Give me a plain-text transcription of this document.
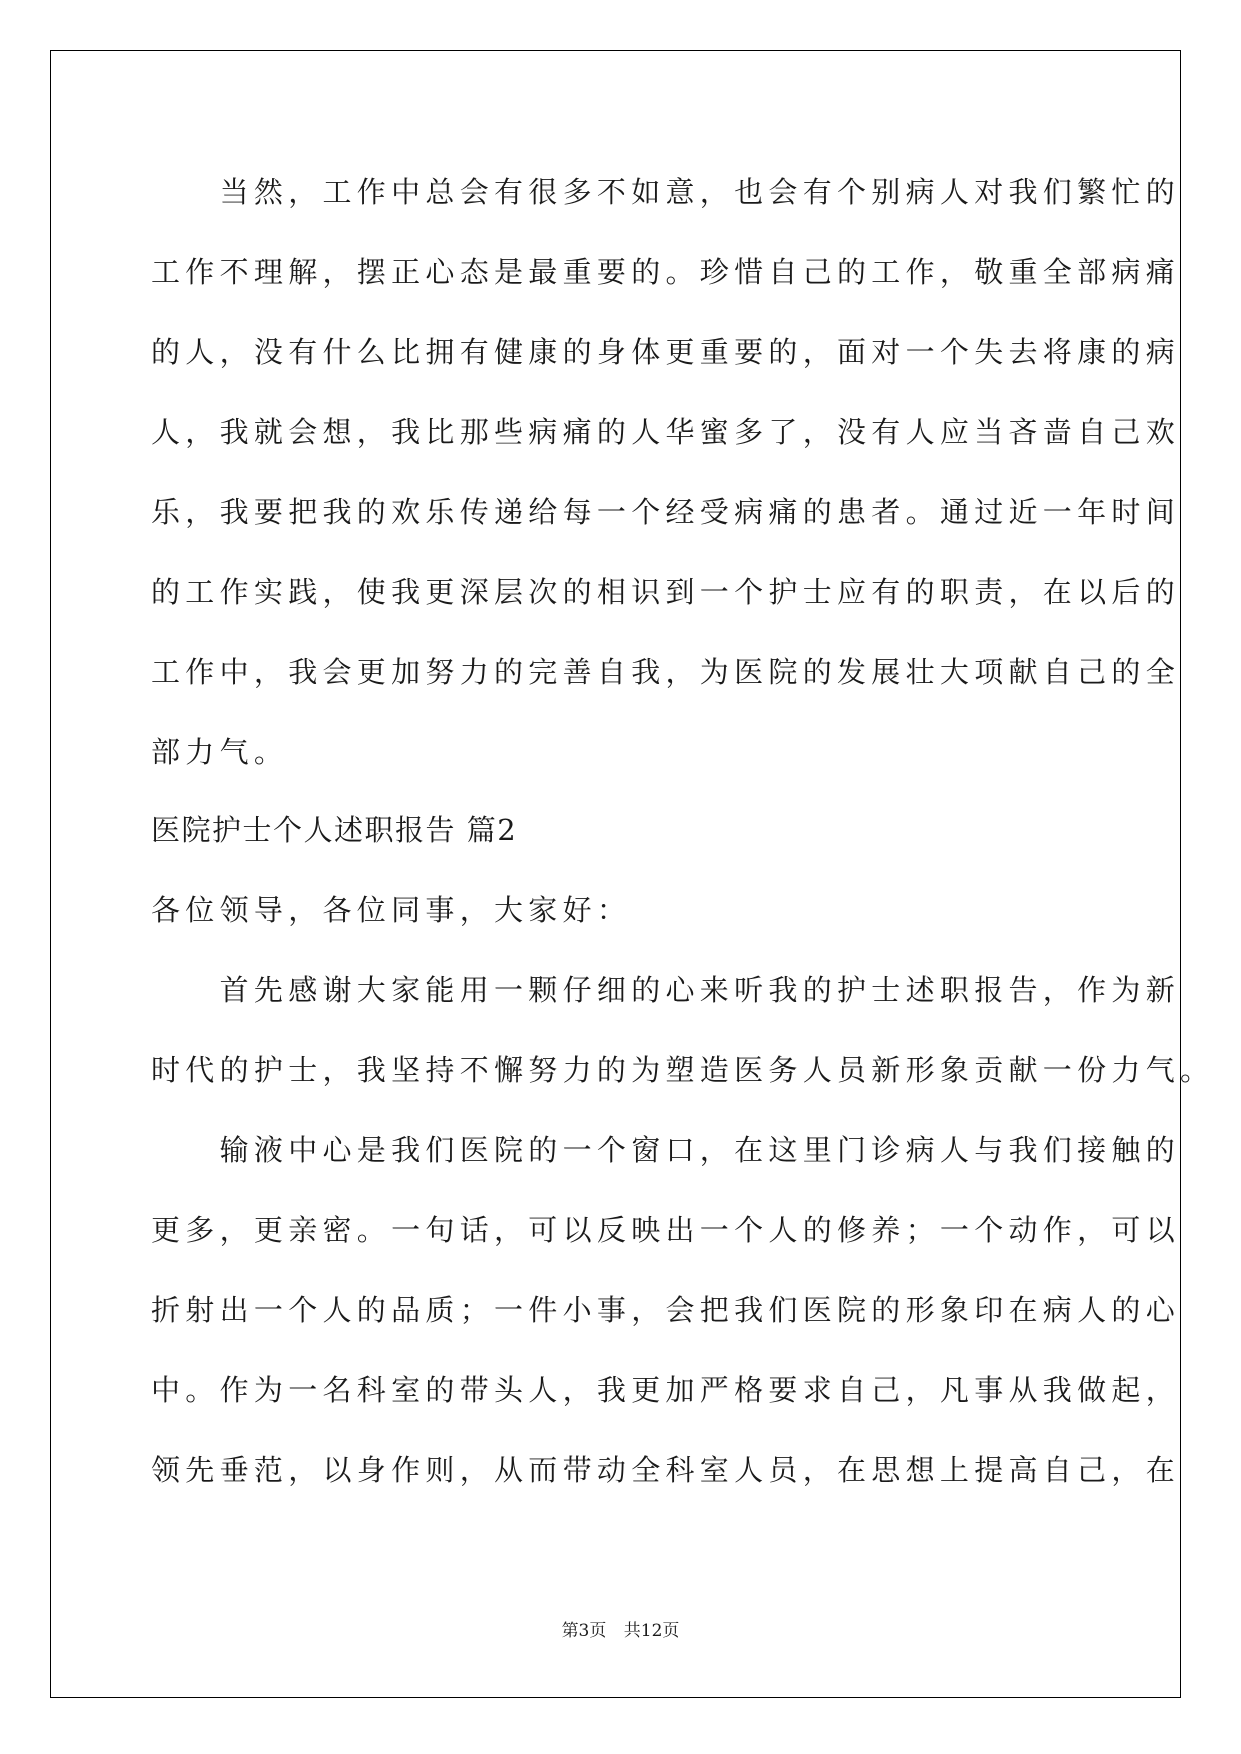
　　当然，工作中总会有很多不如意，也会有个别病人对我们繁忙的
工作不理解，摆正心态是最重要的。珍惜自己的工作，敬重全部病痛
的人，没有什么比拥有健康的身体更重要的，面对一个失去将康的病
人，我就会想，我比那些病痛的人华蜜多了，没有人应当吝啬自己欢
乐，我要把我的欢乐传递给每一个经受病痛的患者。通过近一年时间
的工作实践，使我更深层次的相识到一个护士应有的职责，在以后的
工作中，我会更加努力的完善自我，为医院的发展壮大项献自己的全
部力气。
医院护士个人述职报告 篇2
各位领导，各位同事，大家好：
　　首先感谢大家能用一颗仔细的心来听我的护士述职报告，作为新
时代的护士，我坚持不懈努力的为塑造医务人员新形象贡献一份力气。
　　输液中心是我们医院的一个窗口，在这里门诊病人与我们接触的
更多，更亲密。一句话，可以反映出一个人的修养；一个动作，可以
折射出一个人的品质；一件小事，会把我们医院的形象印在病人的心
中。作为一名科室的带头人，我更加严格要求自己，凡事从我做起，
领先垂范，以身作则，从而带动全科室人员，在思想上提高自己，在
第3页 共12页
